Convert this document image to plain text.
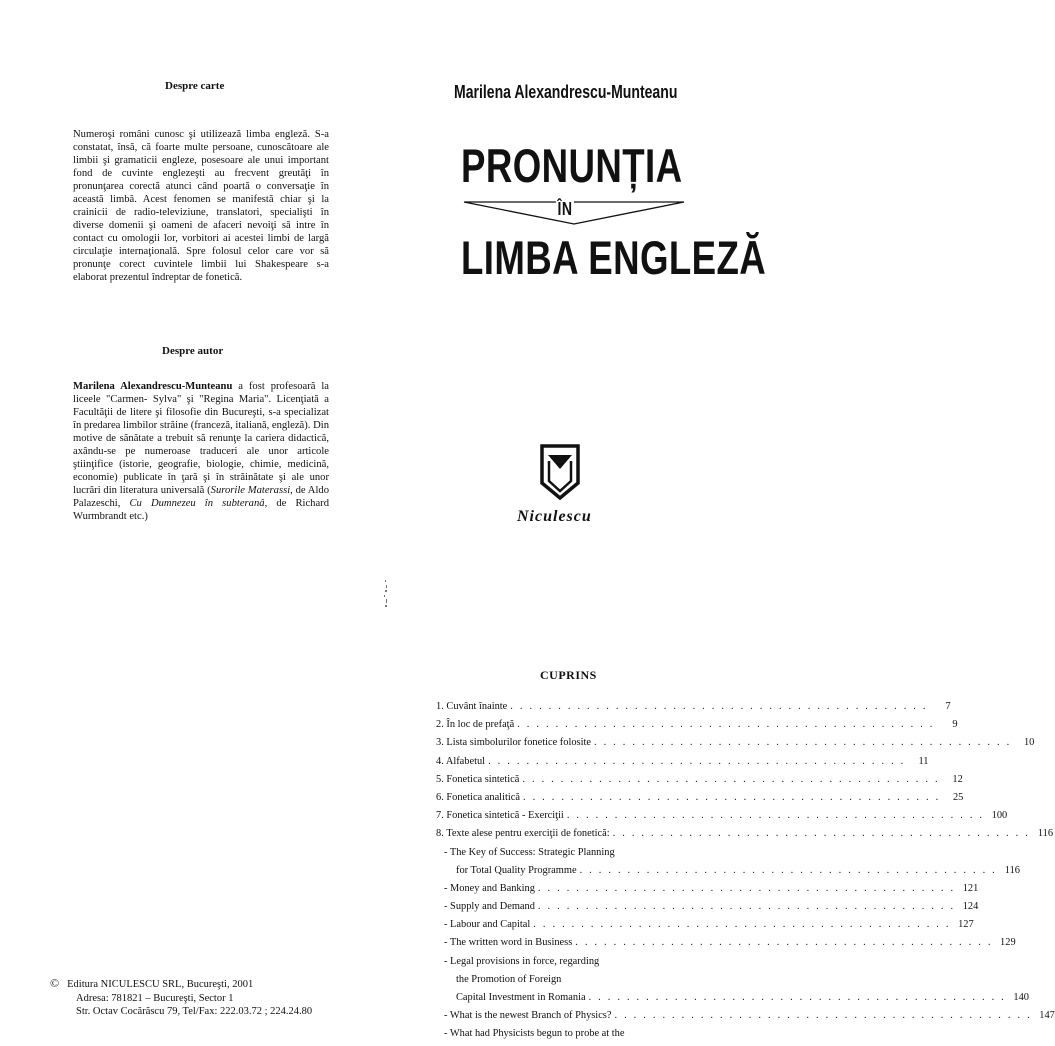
Despre carte
Numeroşi români cunosc şi utilizează limba engleză. S-a constatat, însă, că foarte multe persoane, cunoscătoare ale limbii şi gramaticii engleze, posesoare ale unui important fond de cuvinte englezeşti au frecvent greutăţi în pronunţarea corectă atunci când poartă o conversaţie în această limbă. Acest fenomen se manifestă chiar şi la crainicii de radio-televiziune, translatori, specialişti în diverse domenii şi oameni de afaceri nevoiţi să intre în contact cu omologii lor, vorbitori ai acestei limbi de largă circulaţie internaţională. Spre folosul celor care vor să pronunţe corect cuvintele limbii lui Shakespeare s-a elaborat prezentul îndreptar de fonetică.
Despre autor
Marilena Alexandrescu-Munteanu a fost profesoară la liceele "Carmen- Sylva" şi "Regina Maria". Licenţiată a Facultăţii de litere şi filosofie din Bucureşti, s-a specializat în predarea limbilor străine (franceză, italiană, engleză). Din motive de sănătate a trebuit să renunţe la cariera didactică, axându-se pe numeroase traduceri ale unor articole ştiinţifice (istorie, geografie, biologie, chimie, medicină, economie) publicate în ţară şi în străinătate şi ale unor lucrări din literatura universală (Surorile Materassi, de Aldo Palazeschi, Cu Dumnezeu în subteranâ, de Richard Wurmbrandt etc.)
© Editura NICULESCU SRL, Bucureşti, 2001
Adresa: 781821 – Bucureşti, Sector 1
Str. Octav Cocărăscu 79, Tel/Fax: 222.03.72 ; 224.24.80
Marilena Alexandrescu-Munteanu
PRONUNȚIA
ÎN
LIMBA ENGLEZĂ
Niculescu
CUPRINS
1. Cuvânt înainte . . . . . . . . . . . . . . . . . . . . . . . . . . . . . . . . . . . . . . . . . . . .	7
2. În loc de prefaţă . . . . . . . . . . . . . . . . . . . . . . . . . . . . . . . . . . . . . . . . . . . .	9
3. Lista simbolurilor fonetice folosite . . . . . . . . . . . . . . . . . . . . . . . . . . . . . . . . . . . . . . . . . . . .	10
4. Alfabetul . . . . . . . . . . . . . . . . . . . . . . . . . . . . . . . . . . . . . . . . . . . .	11
5. Fonetica sintetică . . . . . . . . . . . . . . . . . . . . . . . . . . . . . . . . . . . . . . . . . . . .	12
6. Fonetica analitică . . . . . . . . . . . . . . . . . . . . . . . . . . . . . . . . . . . . . . . . . . . .	25
7. Fonetica sintetică - Exerciţii . . . . . . . . . . . . . . . . . . . . . . . . . . . . . . . . . . . . . . . . . . . . 100
8. Texte alese pentru exerciţii de fonetică: . . . . . . . . . . . . . . . . . . . . . . . . . . . . . . . . . . . . . . . . . . . . 116
- The Key of Success: Strategic Planning
for Total Quality Programme . . . . . . . . . . . . . . . . . . . . . . . . . . . . . . . . . . . . . . . . . . . . 116
- Money and Banking . . . . . . . . . . . . . . . . . . . . . . . . . . . . . . . . . . . . . . . . . . . . 121
- Supply and Demand . . . . . . . . . . . . . . . . . . . . . . . . . . . . . . . . . . . . . . . . . . . . 124
- Labour and Capital . . . . . . . . . . . . . . . . . . . . . . . . . . . . . . . . . . . . . . . . . . . . 127
- The written word in Business . . . . . . . . . . . . . . . . . . . . . . . . . . . . . . . . . . . . . . . . . . . . 129
- Legal provisions in force, regarding
the Promotion of Foreign
Capital Investment in Romania . . . . . . . . . . . . . . . . . . . . . . . . . . . . . . . . . . . . . . . . . . . . 140
- What is the newest Branch of Physics? . . . . . . . . . . . . . . . . . . . . . . . . . . . . . . . . . . . . . . . . . . . . 147
- What had Physicists begun to probe at the
